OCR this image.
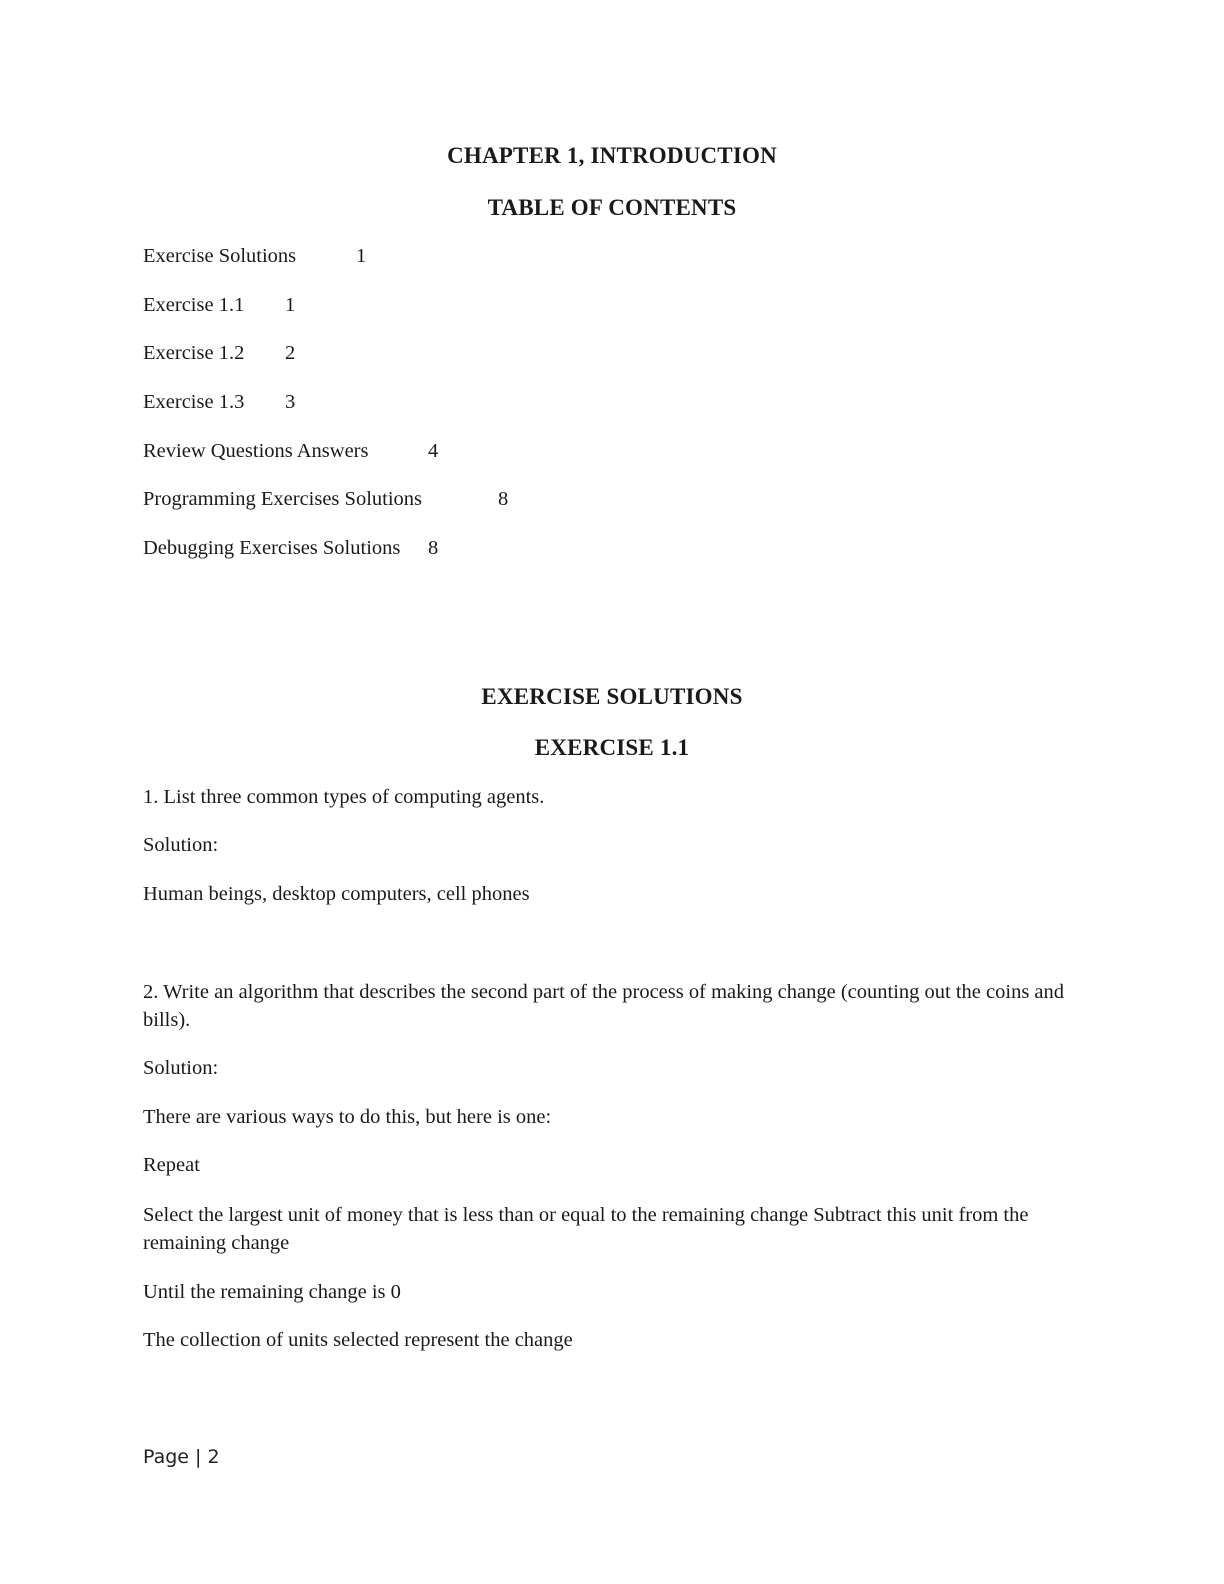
CHAPTER 1, INTRODUCTION
TABLE OF CONTENTS
Exercise Solutions	1
Exercise 1.1 1
Exercise 1.2 2
Exercise 1.3 3
Review Questions Answers	4
Programming Exercises Solutions	8
Debugging Exercises Solutions 8
EXERCISE SOLUTIONS
EXERCISE 1.1
1. List three common types of computing agents.
Solution:
Human beings, desktop computers, cell phones
2. Write an algorithm that describes the second part of the process of making change (counting out the coins and bills).
Solution:
There are various ways to do this, but here is one:
Repeat
Select the largest unit of money that is less than or equal to the remaining change Subtract this unit from the remaining change
Until the remaining change is 0
The collection of units selected represent the change
Page | 2
